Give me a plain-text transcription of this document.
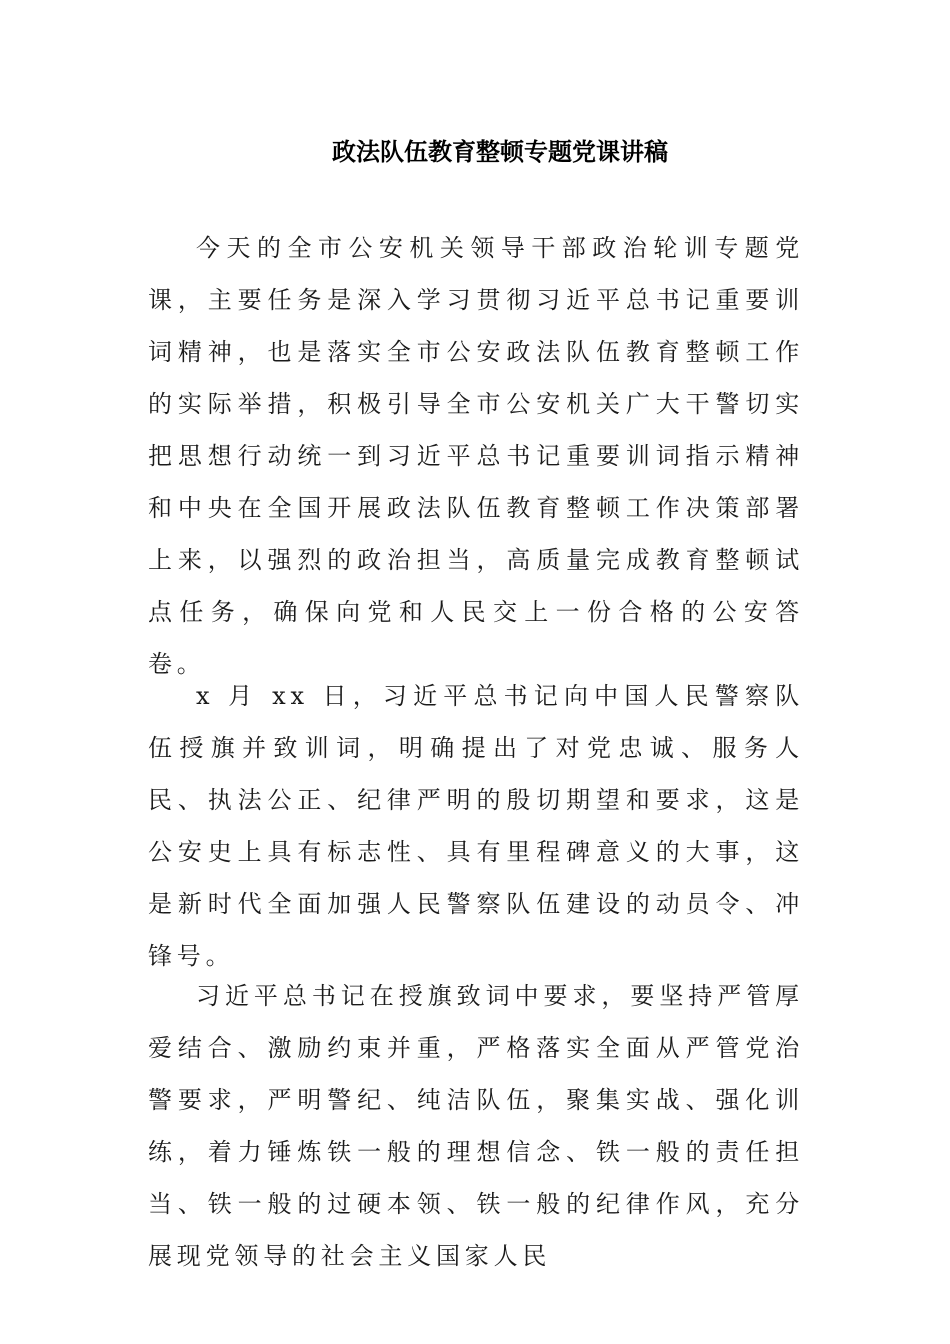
政法队伍教育整顿专题党课讲稿

今天的全市公安机关领导干部政治轮训专题党课，主要任务是深入学习贯彻习近平总书记重要训词精神，也是落实全市公安政法队伍教育整顿工作的实际举措，积极引导全市公安机关广大干警切实把思想行动统一到习近平总书记重要训词指示精神和中央在全国开展政法队伍教育整顿工作决策部署上来，以强烈的政治担当，高质量完成教育整顿试点任务，确保向党和人民交上一份合格的公安答卷。

x 月 xx 日，习近平总书记向中国人民警察队伍授旗并致训词，明确提出了对党忠诚、服务人民、执法公正、纪律严明的殷切期望和要求，这是公安史上具有标志性、具有里程碑意义的大事，这是新时代全面加强人民警察队伍建设的动员令、冲锋号。

习近平总书记在授旗致词中要求，要坚持严管厚爱结合、激励约束并重，严格落实全面从严管党治警要求，严明警纪、纯洁队伍，聚集实战、强化训练，着力锤炼铁一般的理想信念、铁一般的责任担当、铁一般的过硬本领、铁一般的纪律作风，充分展现党领导的社会主义国家人民
